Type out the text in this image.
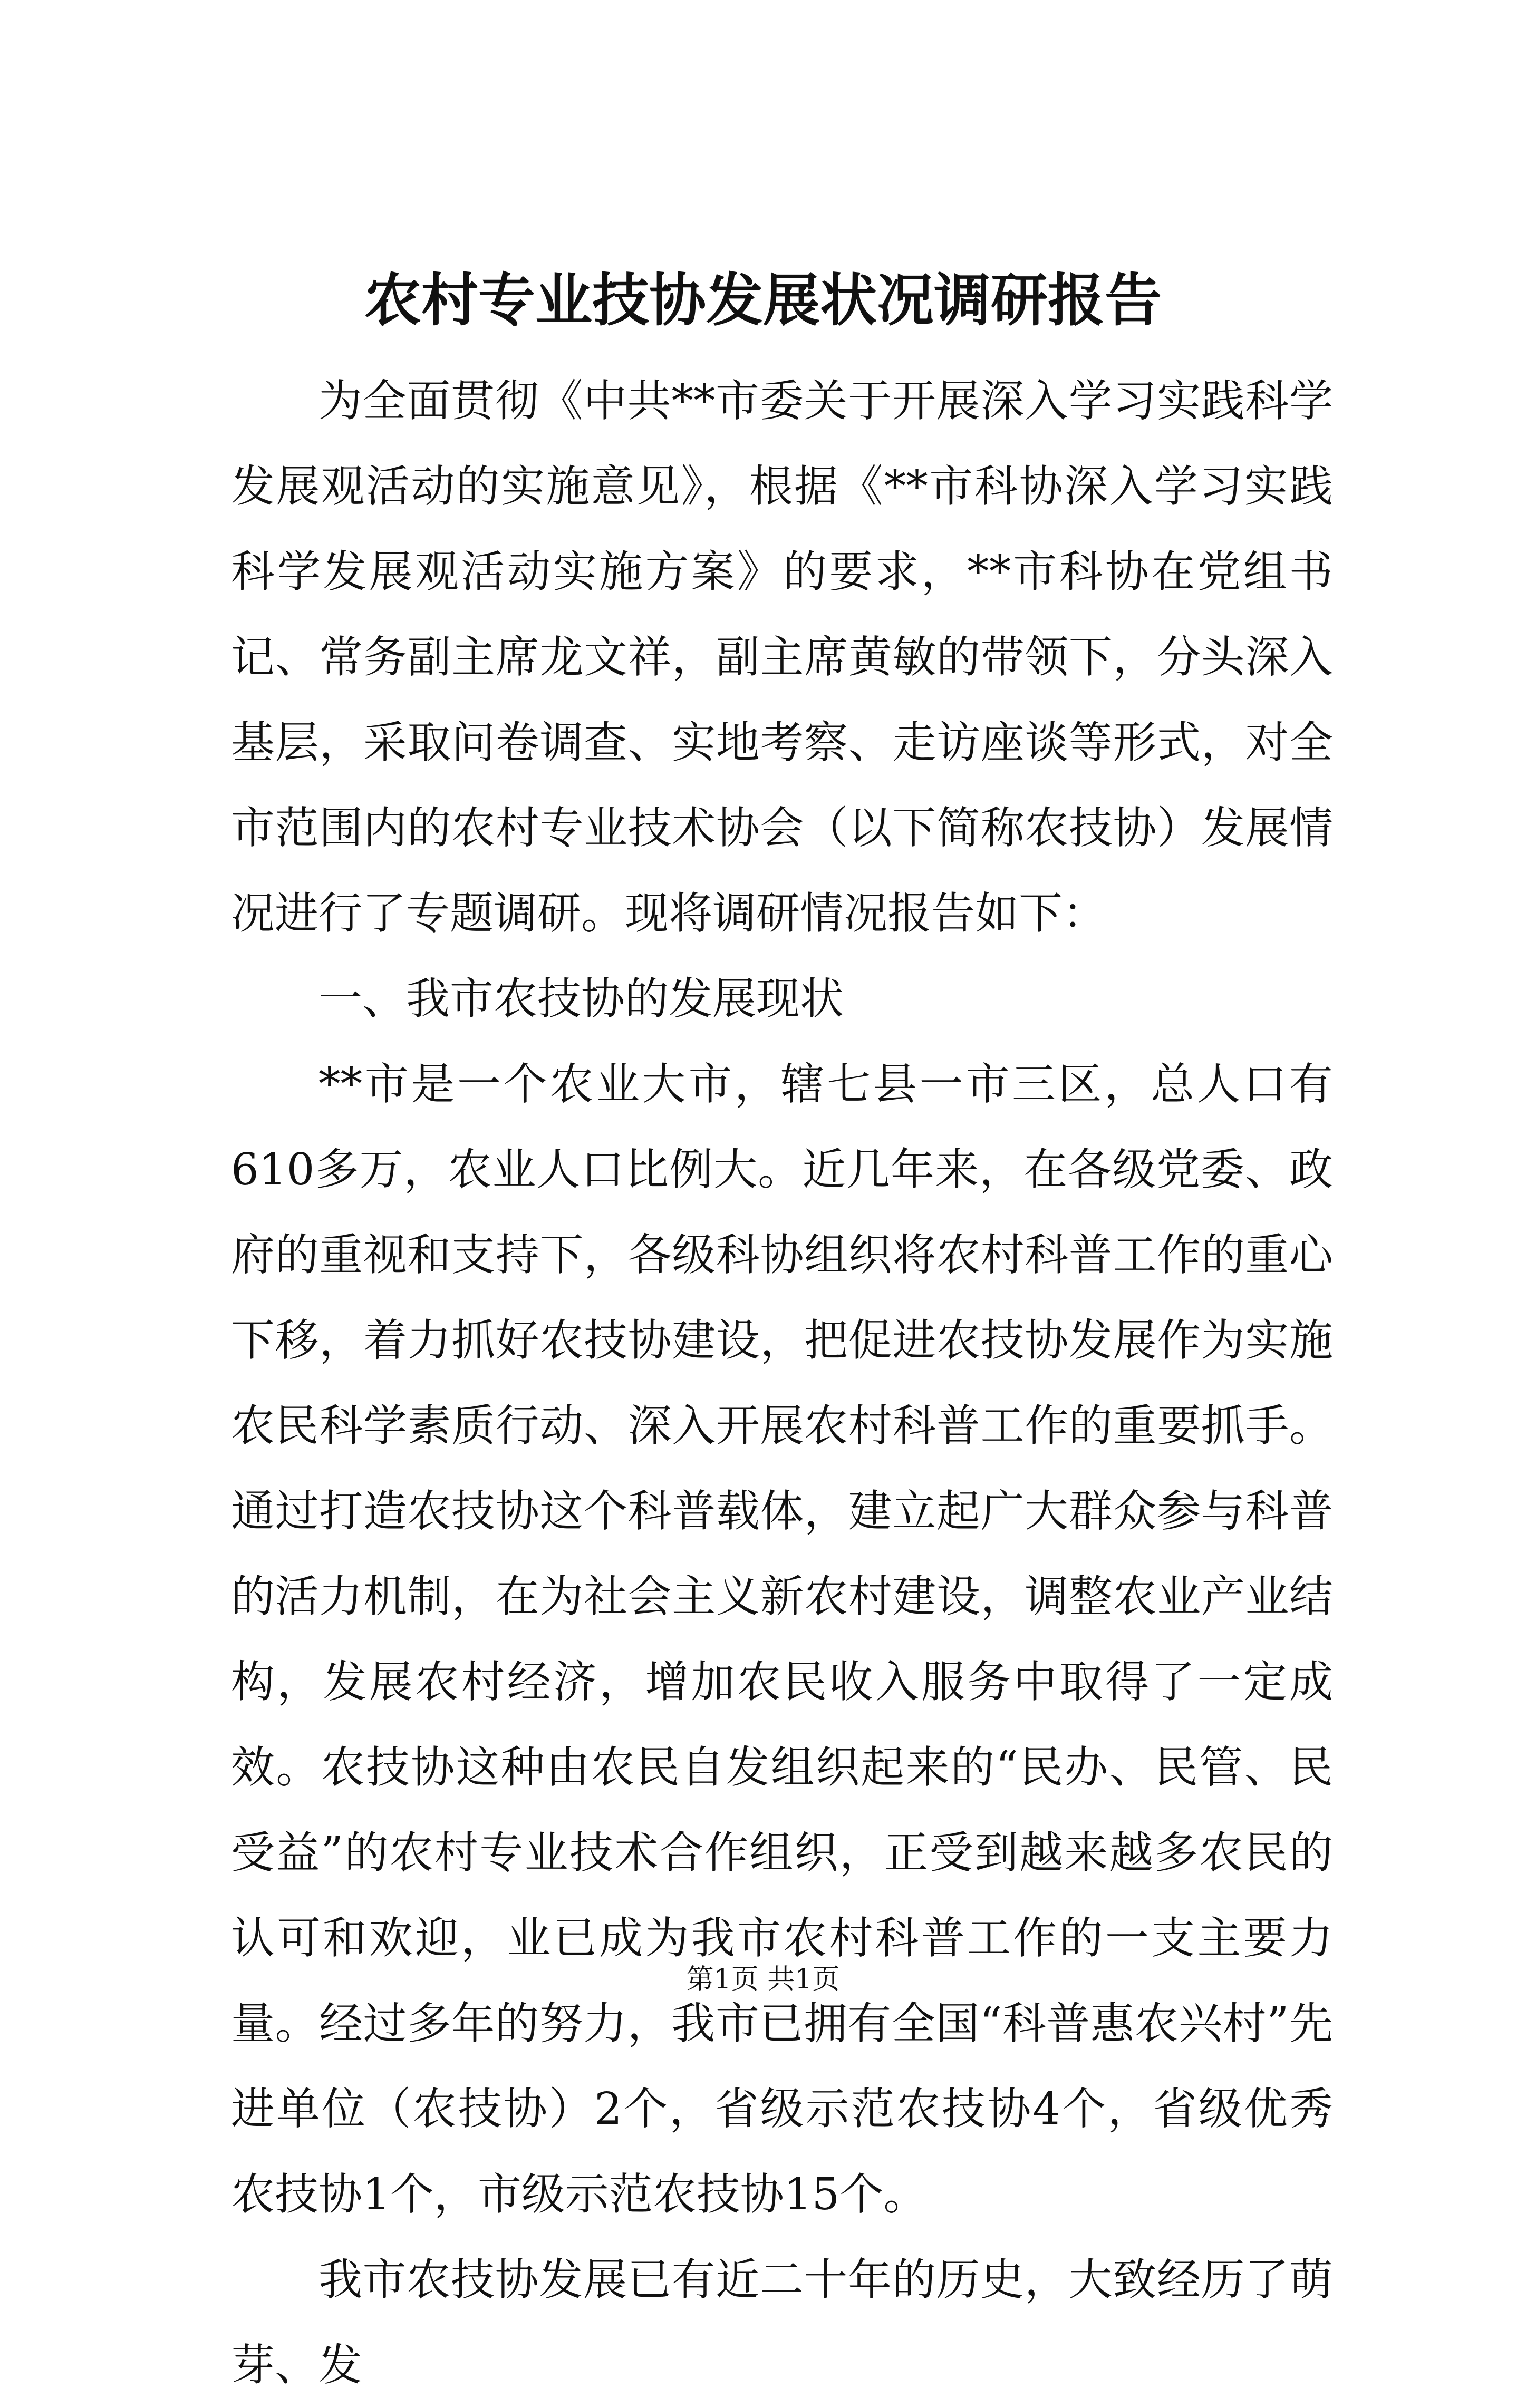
农村专业技协发展状况调研报告

为全面贯彻《中共**市委关于开展深入学习实践科学发展观活动的实施意见》，根据《**市科协深入学习实践科学发展观活动实施方案》的要求，**市科协在党组书记、常务副主席龙文祥，副主席黄敏的带领下，分头深入基层，采取问卷调查、实地考察、走访座谈等形式，对全市范围内的农村专业技术协会（以下简称农技协）发展情况进行了专题调研。现将调研情况报告如下：

一、我市农技协的发展现状

**市是一个农业大市，辖七县一市三区，总人口有610多万，农业人口比例大。近几年来，在各级党委、政府的重视和支持下，各级科协组织将农村科普工作的重心下移，着力抓好农技协建设，把促进农技协发展作为实施农民科学素质行动、深入开展农村科普工作的重要抓手。通过打造农技协这个科普载体，建立起广大群众参与科普的活力机制，在为社会主义新农村建设，调整农业产业结构，发展农村经济，增加农民收入服务中取得了一定成效。农技协这种由农民自发组织起来的“民办、民管、民受益”的农村专业技术合作组织，正受到越来越多农民的认可和欢迎，业已成为我市农村科普工作的一支主要力量。经过多年的努力，我市已拥有全国“科普惠农兴村”先进单位（农技协）2个，省级示范农技协4个，省级优秀农技协1个，市级示范农技协15个。

我市农技协发展已有近二十年的历史，大致经历了萌芽、发

第1页 共1页
